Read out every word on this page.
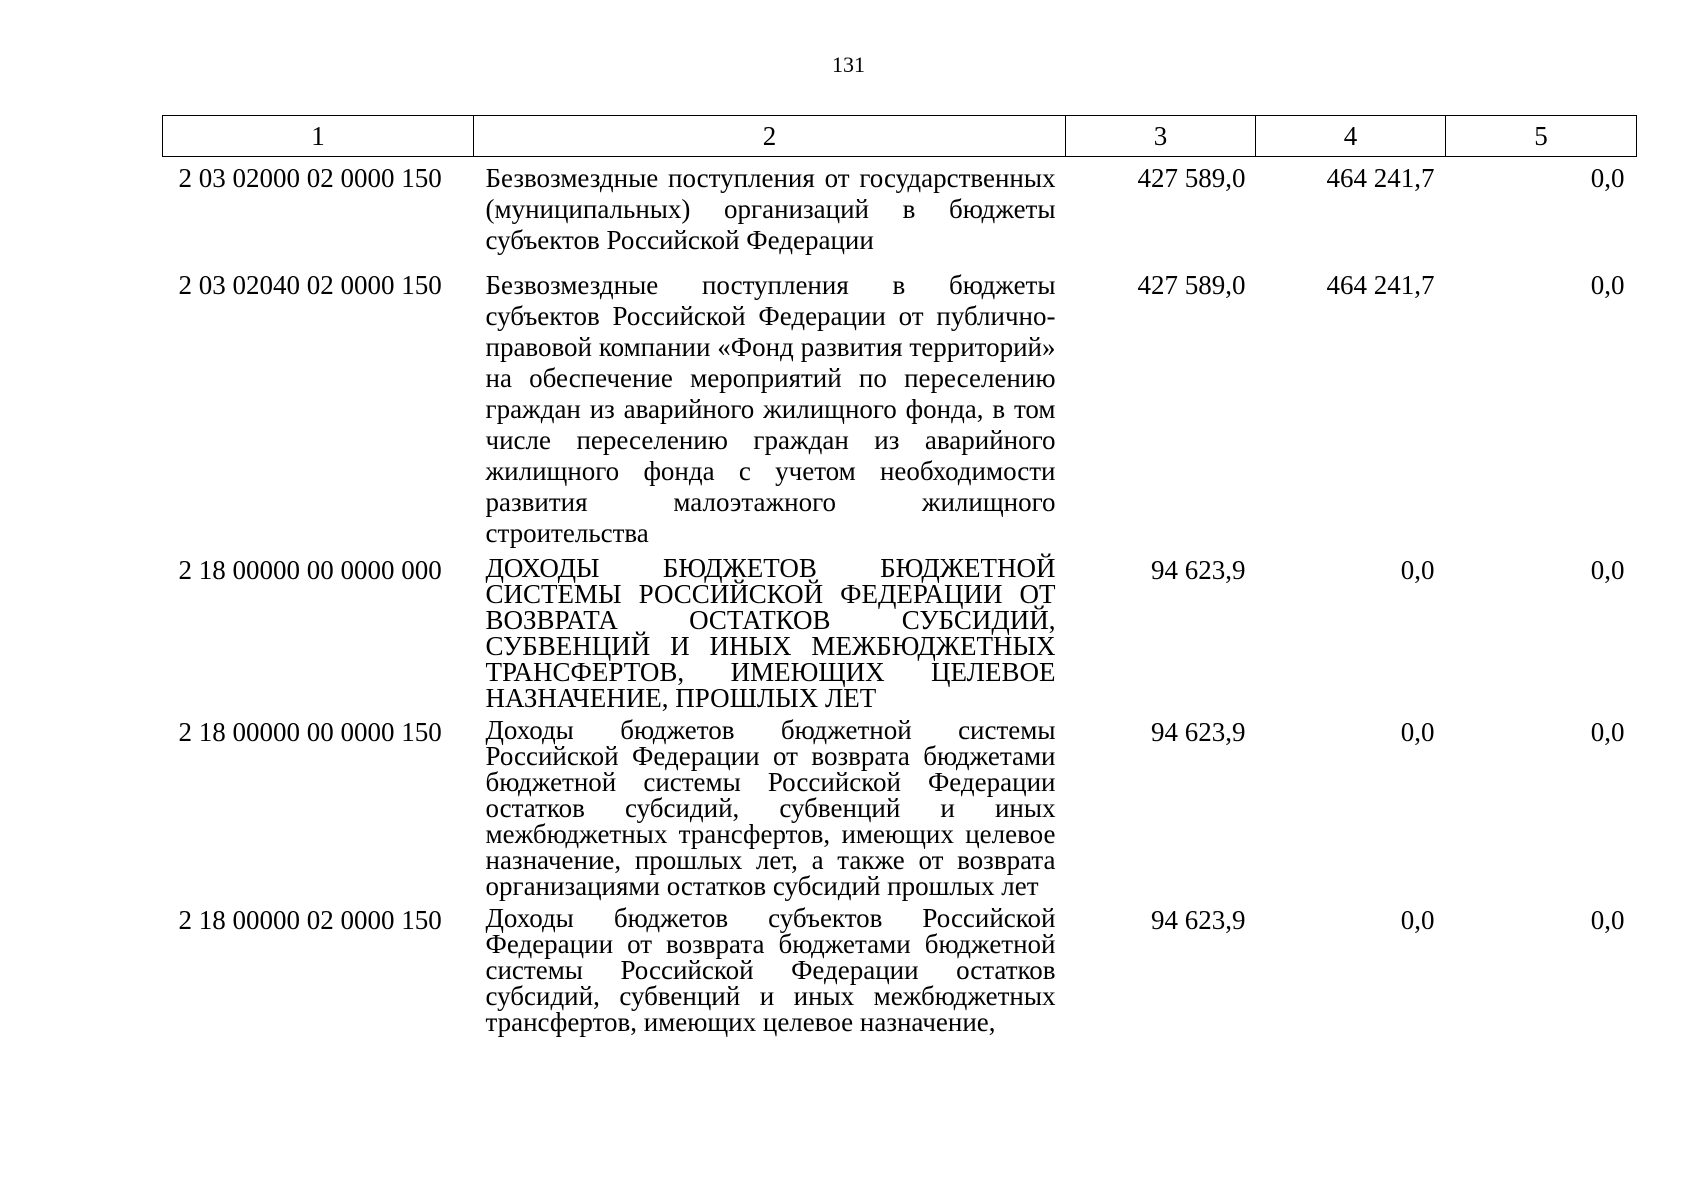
131
1	2	3	4	5
2 03 02000 02 0000 150	Безвозмездные поступления от государственных (муниципальных) организаций в бюджеты субъектов Российской Федерации	427 589,0	464 241,7	0,0
2 03 02040 02 0000 150	Безвозмездные поступления в бюджеты субъектов Российской Федерации от публично-правовой компании «Фонд развития территорий» на обеспечение мероприятий по переселению граждан из аварийного жилищного фонда, в том числе переселению граждан из аварийного жилищного фонда с учетом необходимости развития малоэтажного жилищного строительства	427 589,0	464 241,7	0,0
2 18 00000 00 0000 000	ДОХОДЫ БЮДЖЕТОВ БЮДЖЕТНОЙ СИСТЕМЫ РОССИЙСКОЙ ФЕДЕРАЦИИ ОТ ВОЗВРАТА ОСТАТКОВ СУБСИДИЙ, СУБВЕНЦИЙ И ИНЫХ МЕЖБЮДЖЕТНЫХ ТРАНСФЕРТОВ, ИМЕЮЩИХ ЦЕЛЕВОЕ НАЗНАЧЕНИЕ, ПРОШЛЫХ ЛЕТ	94 623,9	0,0	0,0
2 18 00000 00 0000 150	Доходы бюджетов бюджетной системы Российской Федерации от возврата бюджетами бюджетной системы Российской Федерации остатков субсидий, субвенций и иных межбюджетных трансфертов, имеющих целевое назначение, прошлых лет, а также от возврата организациями остатков субсидий прошлых лет	94 623,9	0,0	0,0
2 18 00000 02 0000 150	Доходы бюджетов субъектов Российской Федерации от возврата бюджетами бюджетной системы Российской Федерации остатков субсидий, субвенций и иных межбюджетных трансфертов, имеющих целевое назначение,	94 623,9	0,0	0,0
